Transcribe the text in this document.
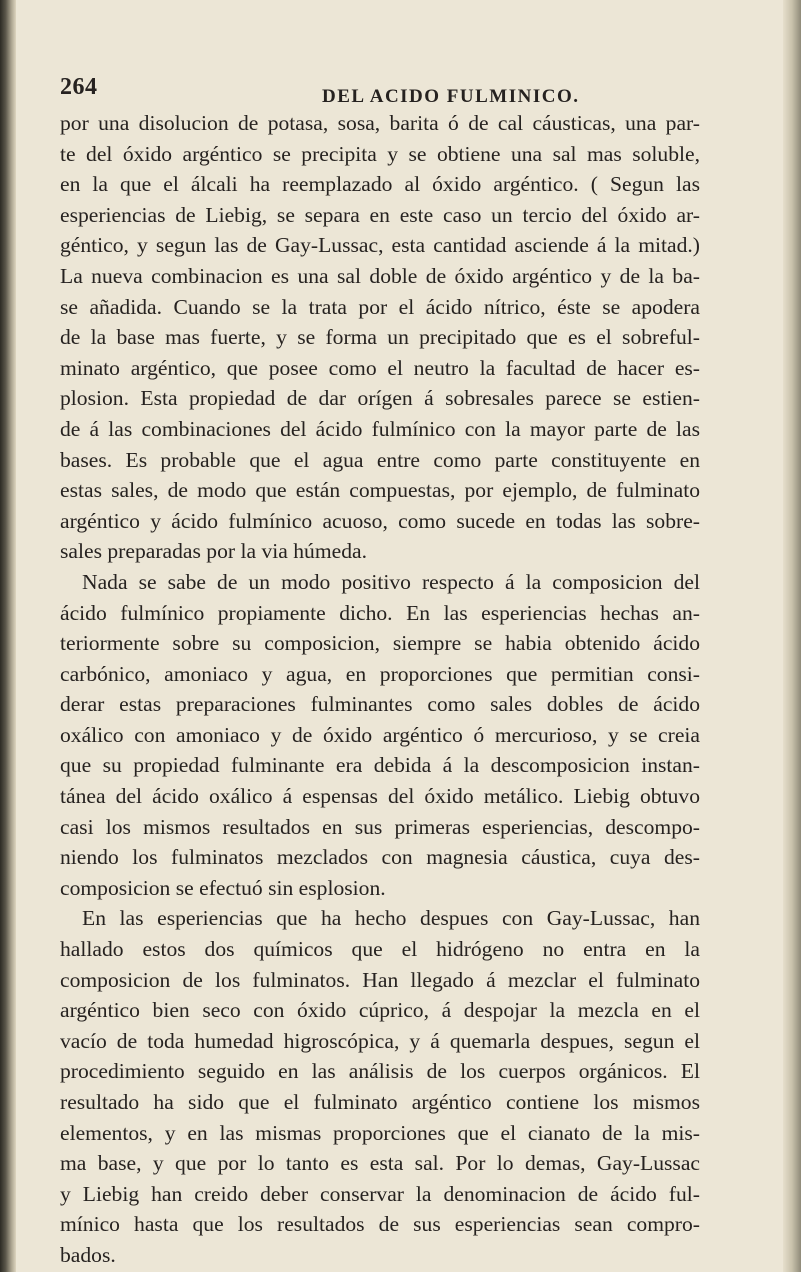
264	DEL ACIDO FULMINICO.
por una disolucion de potasa, sosa, barita ó de cal cáusticas, una par-
te del óxido argéntico se precipita y se obtiene una sal mas soluble,
en la que el álcali ha reemplazado al óxido argéntico. ( Segun las
esperiencias de Liebig, se separa en este caso un tercio del óxido ar-
géntico, y segun las de Gay-Lussac, esta cantidad asciende á la mitad.)
La nueva combinacion es una sal doble de óxido argéntico y de la ba-
se añadida. Cuando se la trata por el ácido nítrico, éste se apodera
de la base mas fuerte, y se forma un precipitado que es el sobreful-
minato argéntico, que posee como el neutro la facultad de hacer es-
plosion. Esta propiedad de dar orígen á sobresales parece se estien-
de á las combinaciones del ácido fulmínico con la mayor parte de las
bases. Es probable que el agua entre como parte constituyente en
estas sales, de modo que están compuestas, por ejemplo, de fulminato
argéntico y ácido fulmínico acuoso, como sucede en todas las sobre-
sales preparadas por la via húmeda.
Nada se sabe de un modo positivo respecto á la composicion del
ácido fulmínico propiamente dicho. En las esperiencias hechas an-
teriormente sobre su composicion, siempre se habia obtenido ácido
carbónico, amoniaco y agua, en proporciones que permitian consi-
derar estas preparaciones fulminantes como sales dobles de ácido
oxálico con amoniaco y de óxido argéntico ó mercurioso, y se creia
que su propiedad fulminante era debida á la descomposicion instan-
tánea del ácido oxálico á espensas del óxido metálico. Liebig obtuvo
casi los mismos resultados en sus primeras esperiencias, descompo-
niendo los fulminatos mezclados con magnesia cáustica, cuya des-
composicion se efectuó sin esplosion.
En las esperiencias que ha hecho despues con Gay-Lussac, han
hallado estos dos químicos que el hidrógeno no entra en la
composicion de los fulminatos. Han llegado á mezclar el fulminato
argéntico bien seco con óxido cúprico, á despojar la mezcla en el
vacío de toda humedad higroscópica, y á quemarla despues, segun el
procedimiento seguido en las análisis de los cuerpos orgánicos. El
resultado ha sido que el fulminato argéntico contiene los mismos
elementos, y en las mismas proporciones que el cianato de la mis-
ma base, y que por lo tanto es esta sal. Por lo demas, Gay-Lussac
y Liebig han creido deber conservar la denominacion de ácido ful-
mínico hasta que los resultados de sus esperiencias sean compro-
bados.
